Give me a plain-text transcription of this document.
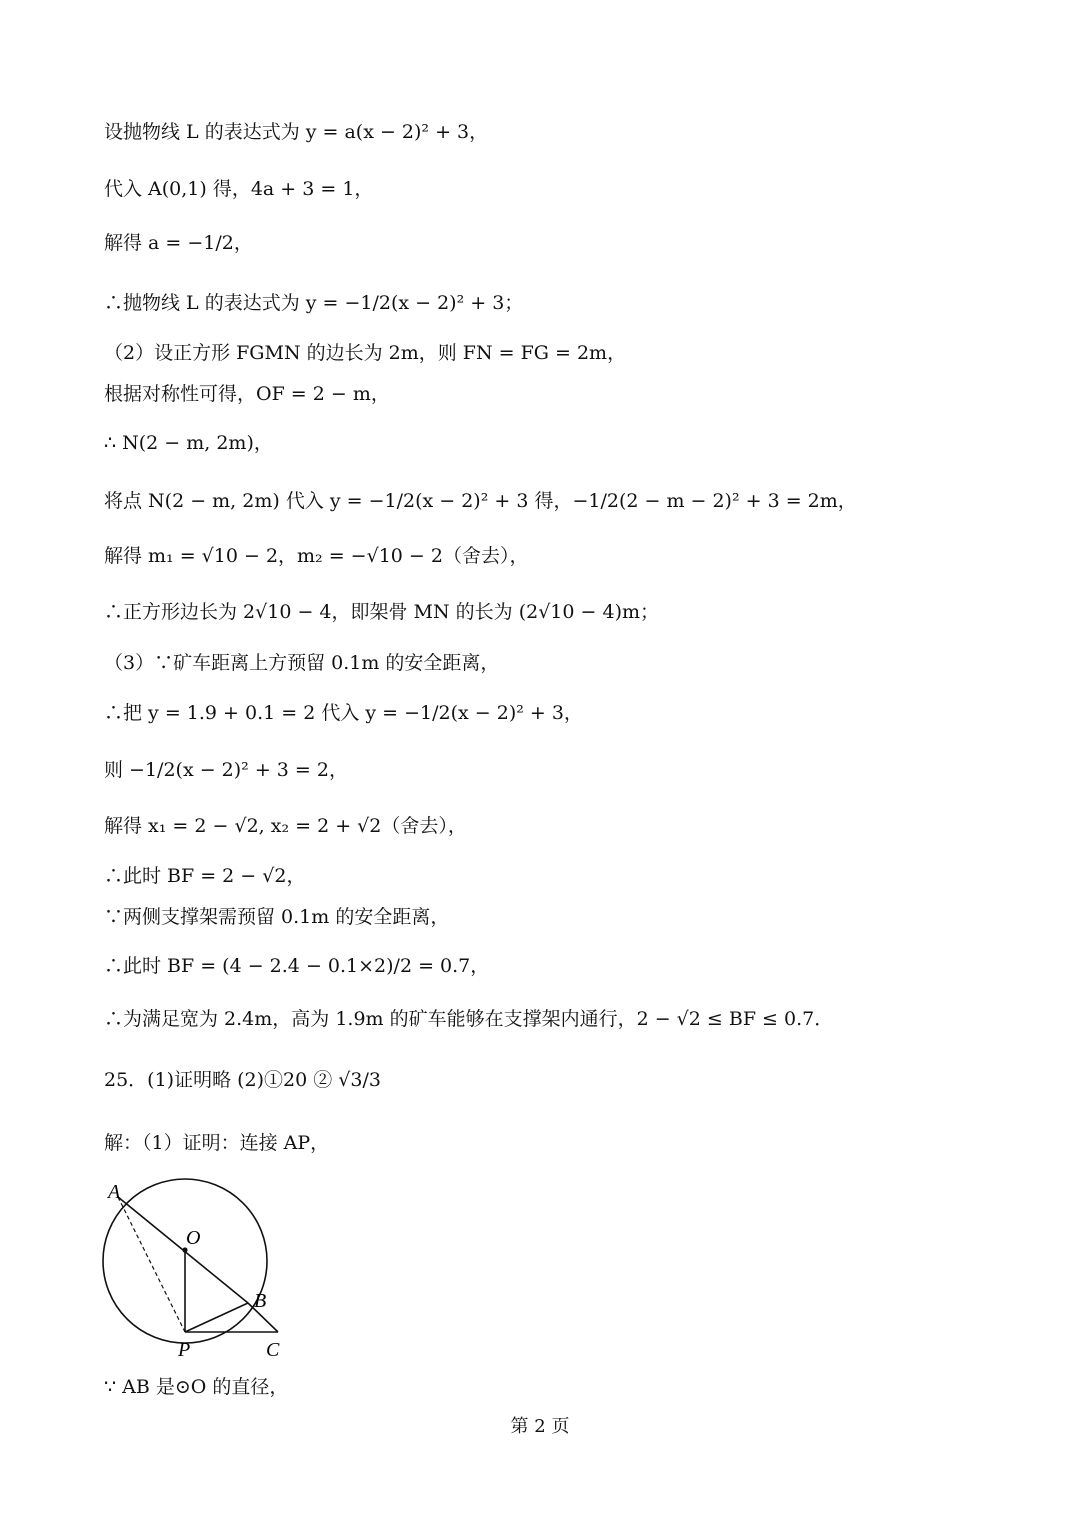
设抛物线 L 的表达式为 y = a(x − 2)² + 3，
代入 A(0,1) 得，4a + 3 = 1，
解得 a = −1/2，
∴抛物线 L 的表达式为 y = −1/2(x − 2)² + 3；
（2）设正方形 FGMN 的边长为 2m，则 FN = FG = 2m，
根据对称性可得，OF = 2 − m，
∴ N(2 − m, 2m)，
将点 N(2 − m, 2m) 代入 y = −1/2(x − 2)² + 3 得，−1/2(2 − m − 2)² + 3 = 2m，
解得 m₁ = √10 − 2，m₂ = −√10 − 2（舍去），
∴正方形边长为 2√10 − 4，即架骨 MN 的长为 (2√10 − 4)m；
（3）∵矿车距离上方预留 0.1m 的安全距离，
∴把 y = 1.9 + 0.1 = 2 代入 y = −1/2(x − 2)² + 3，
则 −1/2(x − 2)² + 3 = 2，
解得 x₁ = 2 − √2, x₂ = 2 + √2（舍去），
∴此时 BF = 2 − √2，
∵两侧支撑架需预留 0.1m 的安全距离，
∴此时 BF = (4 − 2.4 − 0.1×2)/2 = 0.7，
∴为满足宽为 2.4m，高为 1.9m 的矿车能够在支撑架内通行，2 − √2 ≤ BF ≤ 0.7．
25．(1)证明略 (2)①20 ② √3/3
解：（1）证明：连接 AP，
A
O
B
P	C
∵ AB 是⊙O 的直径，
第 2 页
